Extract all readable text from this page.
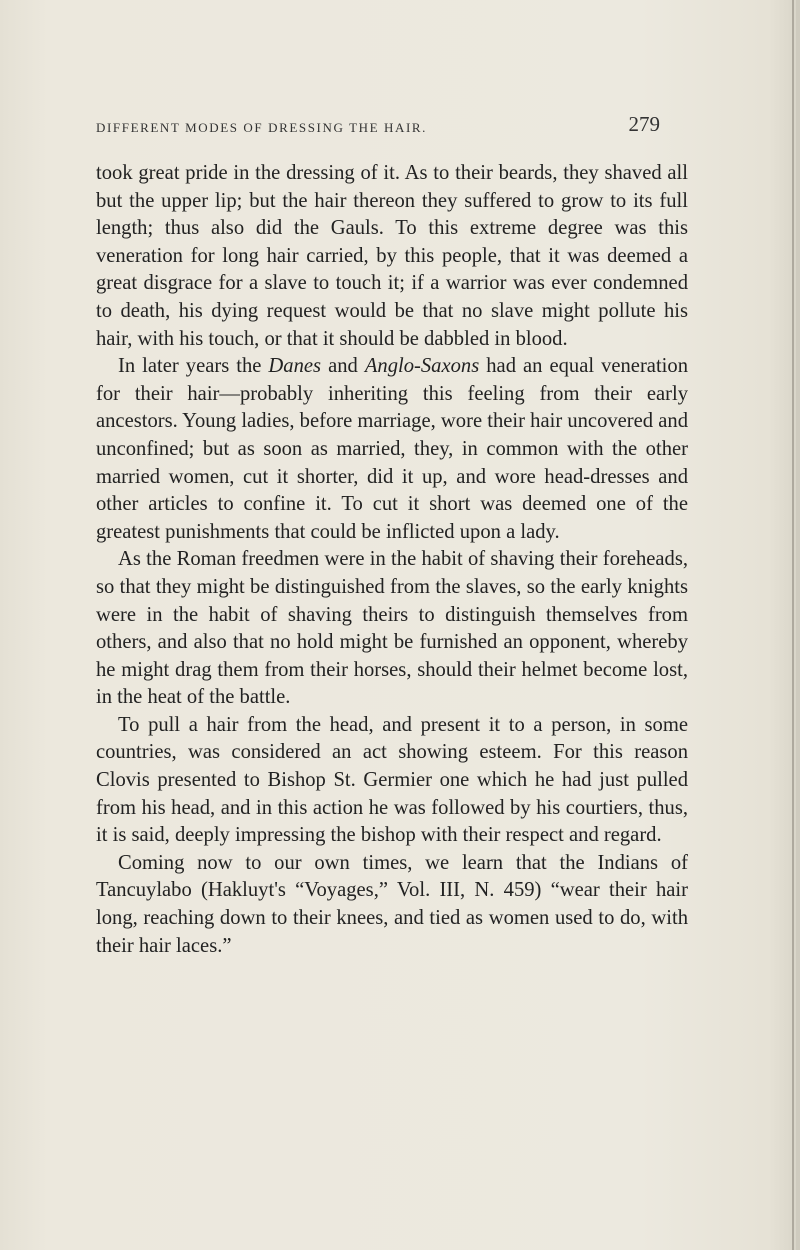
DIFFERENT MODES OF DRESSING THE HAIR.	279

took great pride in the dressing of it. As to their beards, they shaved all but the upper lip; but the hair thereon they suffered to grow to its full length; thus also did the Gauls. To this extreme degree was this veneration for long hair carried, by this people, that it was deemed a great disgrace for a slave to touch it; if a warrior was ever condemned to death, his dying request would be that no slave might pollute his hair, with his touch, or that it should be dabbled in blood.

In later years the Danes and Anglo-Saxons had an equal veneration for their hair—probably inheriting this feeling from their early ancestors. Young ladies, before marriage, wore their hair uncovered and unconfined; but as soon as married, they, in common with the other married women, cut it shorter, did it up, and wore head-dresses and other articles to confine it. To cut it short was deemed one of the greatest punishments that could be inflicted upon a lady.

As the Roman freedmen were in the habit of shaving their foreheads, so that they might be distinguished from the slaves, so the early knights were in the habit of shaving theirs to distinguish themselves from others, and also that no hold might be furnished an opponent, whereby he might drag them from their horses, should their helmet become lost, in the heat of the battle.

To pull a hair from the head, and present it to a person, in some countries, was considered an act showing esteem. For this reason Clovis presented to Bishop St. Germier one which he had just pulled from his head, and in this action he was followed by his courtiers, thus, it is said, deeply impressing the bishop with their respect and regard.

Coming now to our own times, we learn that the Indians of Tancuylabo (Hakluyt's “Voyages,” Vol. III, N. 459) “wear their hair long, reaching down to their knees, and tied as women used to do, with their hair laces.”
